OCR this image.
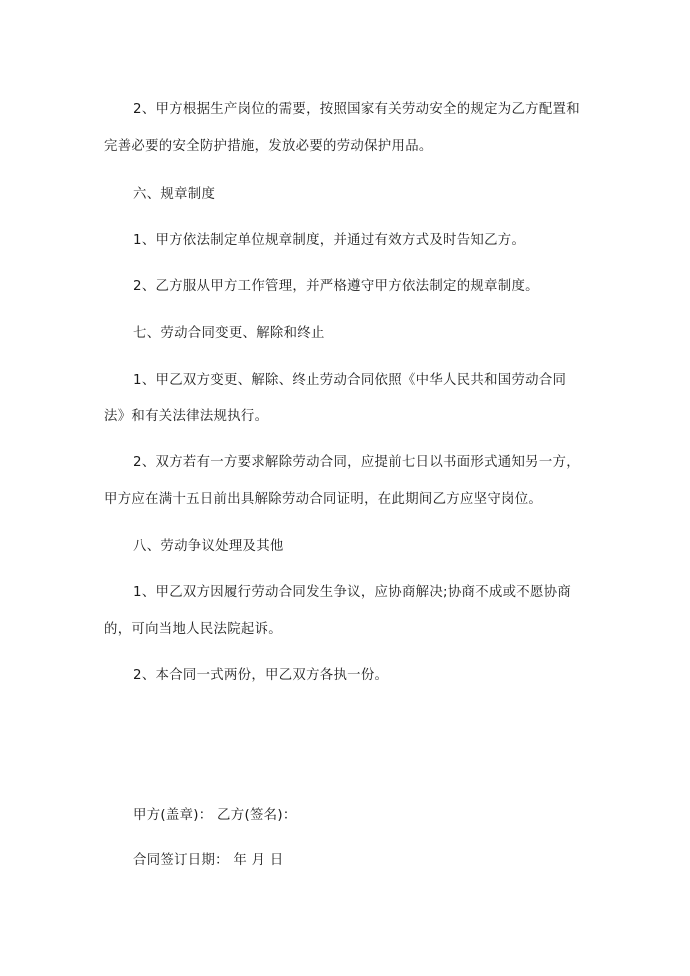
2、甲方根据生产岗位的需要，按照国家有关劳动安全的规定为乙方配置和
完善必要的安全防护措施，发放必要的劳动保护用品。
六、规章制度
1、甲方依法制定单位规章制度，并通过有效方式及时告知乙方。
2、乙方服从甲方工作管理，并严格遵守甲方依法制定的规章制度。
七、劳动合同变更、解除和终止
1、甲乙双方变更、解除、终止劳动合同依照《中华人民共和国劳动合同
法》和有关法律法规执行。
2、双方若有一方要求解除劳动合同，应提前七日以书面形式通知另一方，
甲方应在满十五日前出具解除劳动合同证明，在此期间乙方应坚守岗位。
八、劳动争议处理及其他
1、甲乙双方因履行劳动合同发生争议，应协商解决;协商不成或不愿协商
的，可向当地人民法院起诉。
2、本合同一式两份，甲乙双方各执一份。
甲方(盖章)： 乙方(签名)：
合同签订日期： 年 月 日
